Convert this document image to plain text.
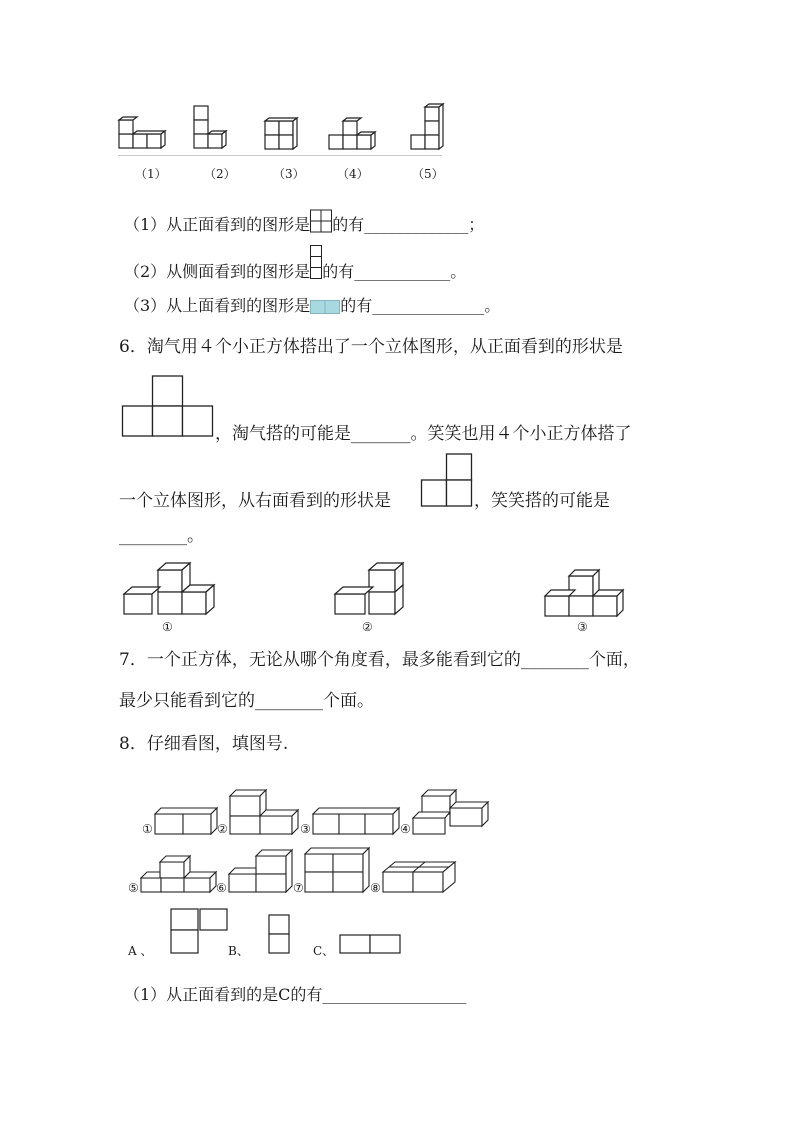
（1）	（2）	（3）	（4）	（5）
（1）从正面看到的图形是 的有_____________；
（2）从侧面看到的图形是 的有____________。
（3）从上面看到的图形是 的有______________。
6．淘气用４个小正方体搭出了一个立体图形，从正面看到的形状是
，淘气搭的可能是_______。笑笑也用４个小正方体搭了
一个立体图形，从右面看到的形状是	，笑笑搭的可能是
________。
①	②	③
7．一个正方体，无论从哪个角度看，最多能看到它的________个面，
最少只能看到它的________个面。
8．仔细看图，填图号.
①	②	③	④
⑤	⑥	⑦	⑧
A 、	B、	C、
（1）从正面看到的是C的有__________________
